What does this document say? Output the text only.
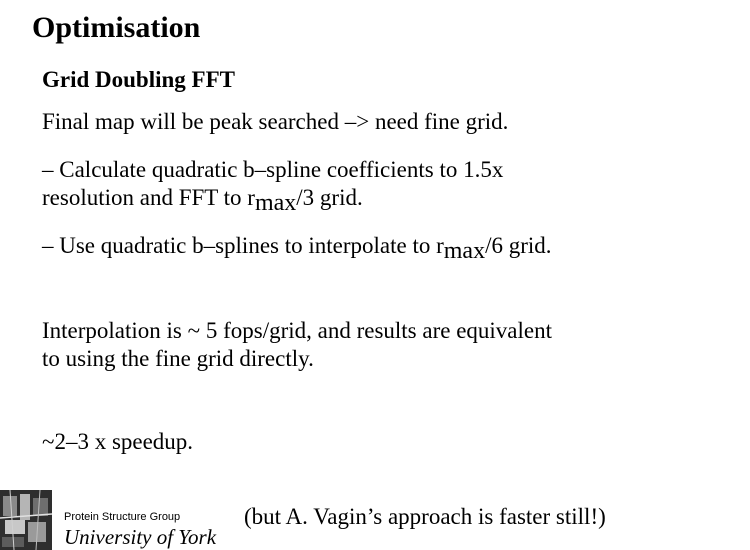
Optimisation
Grid Doubling FFT
Final map will be peak searched –> need fine grid.
– Calculate quadratic b–spline coefficients to 1.5x
resolution and FFT to rmax/3 grid.
– Use quadratic b–splines to interpolate to rmax/6 grid.
Interpolation is ~ 5 fops/grid, and results are equivalent
to using the fine grid directly.
~2–3 x speedup.
Protein Structure Group
University of York
(but A. Vagin’s approach is faster still!)
